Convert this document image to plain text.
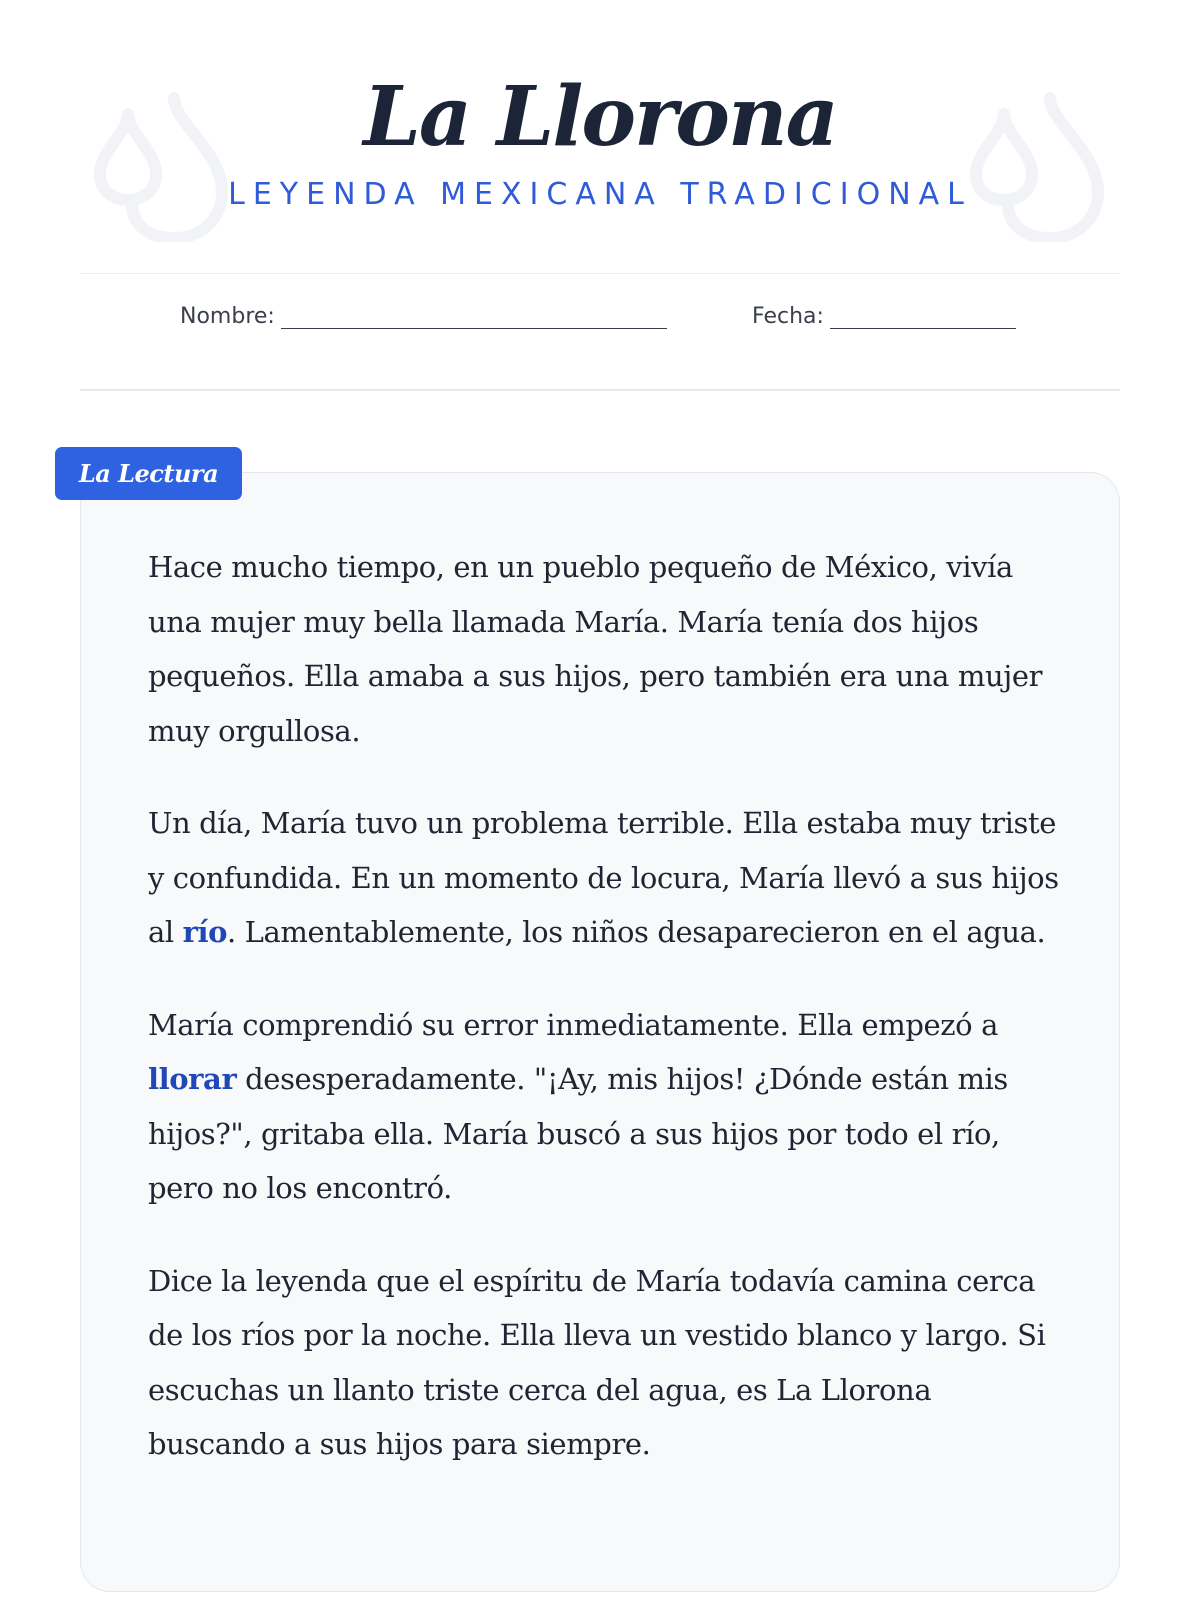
La Llorona
LEYENDA MEXICANA TRADICIONAL
Nombre:	Fecha:
La Lectura

Hace mucho tiempo, en un pueblo pequeño de México, vivía una mujer muy bella llamada María. María tenía dos hijos pequeños. Ella amaba a sus hijos, pero también era una mujer muy orgullosa.

Un día, María tuvo un problema terrible. Ella estaba muy triste y confundida. En un momento de locura, María llevó a sus hijos al río. Lamentablemente, los niños desaparecieron en el agua.

María comprendió su error inmediatamente. Ella empezó a llorar desesperadamente. "¡Ay, mis hijos! ¿Dónde están mis hijos?", gritaba ella. María buscó a sus hijos por todo el río, pero no los encontró.

Dice la leyenda que el espíritu de María todavía camina cerca de los ríos por la noche. Ella lleva un vestido blanco y largo. Si escuchas un llanto triste cerca del agua, es La Llorona buscando a sus hijos para siempre.
